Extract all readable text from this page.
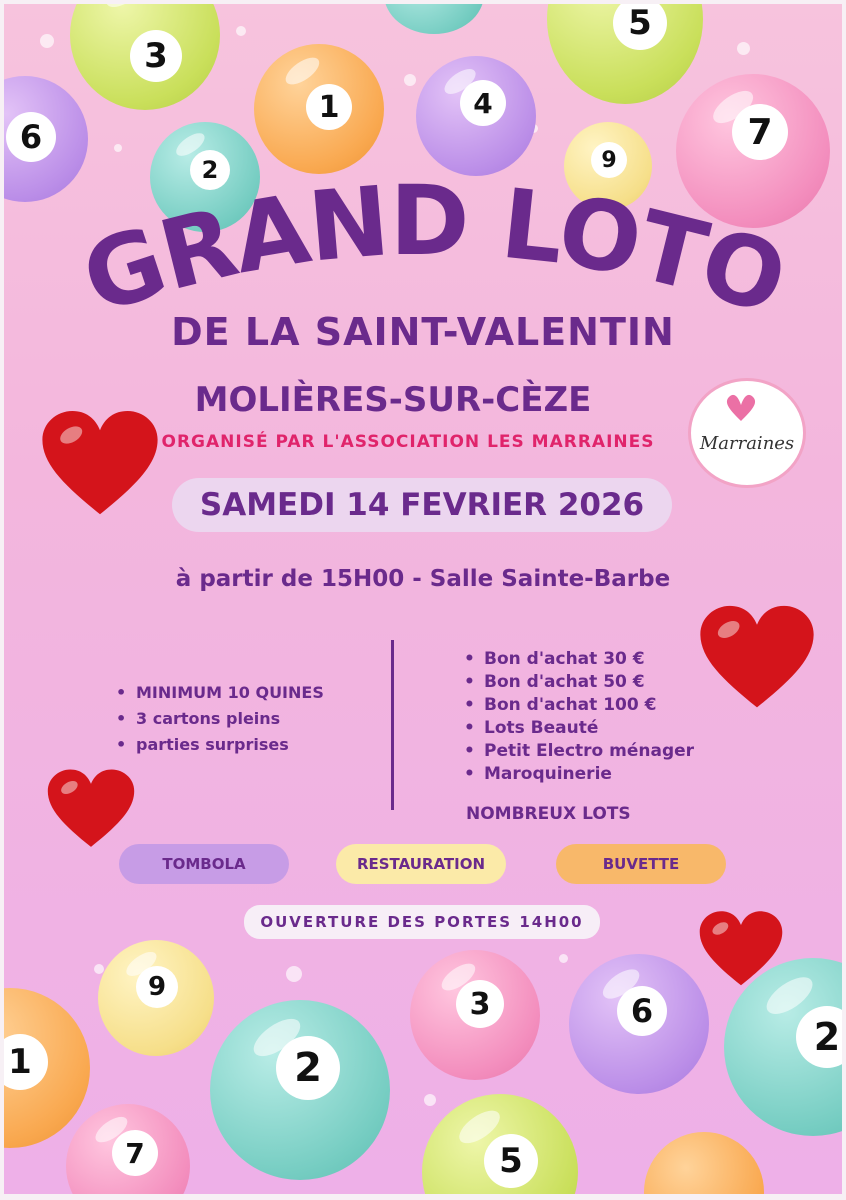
3
1
5
6
4
7
2	9
GRAND LOTO
DE LA SAINT-VALENTIN
MOLIÈRES-SUR-CÈZE
ORGANISÉ PAR L'ASSOCIATION LES MARRAINES	Marraines
SAMEDI 14 FEVRIER 2026
à partir de 15H00 - Salle Sainte-Barbe
• MINIMUM 10 QUINES
• 3 cartons pleins
• parties surprises
• Bon d'achat 30 €
• Bon d'achat 50 €
• Bon d'achat 100 €
• Lots Beauté
• Petit Electro ménager
• Maroquinerie
NOMBREUX LOTS
TOMBOLA	RESTAURATION	BUVETTE
OUVERTURE DES PORTES 14H00
9
1	2
3	6
2
7	5
